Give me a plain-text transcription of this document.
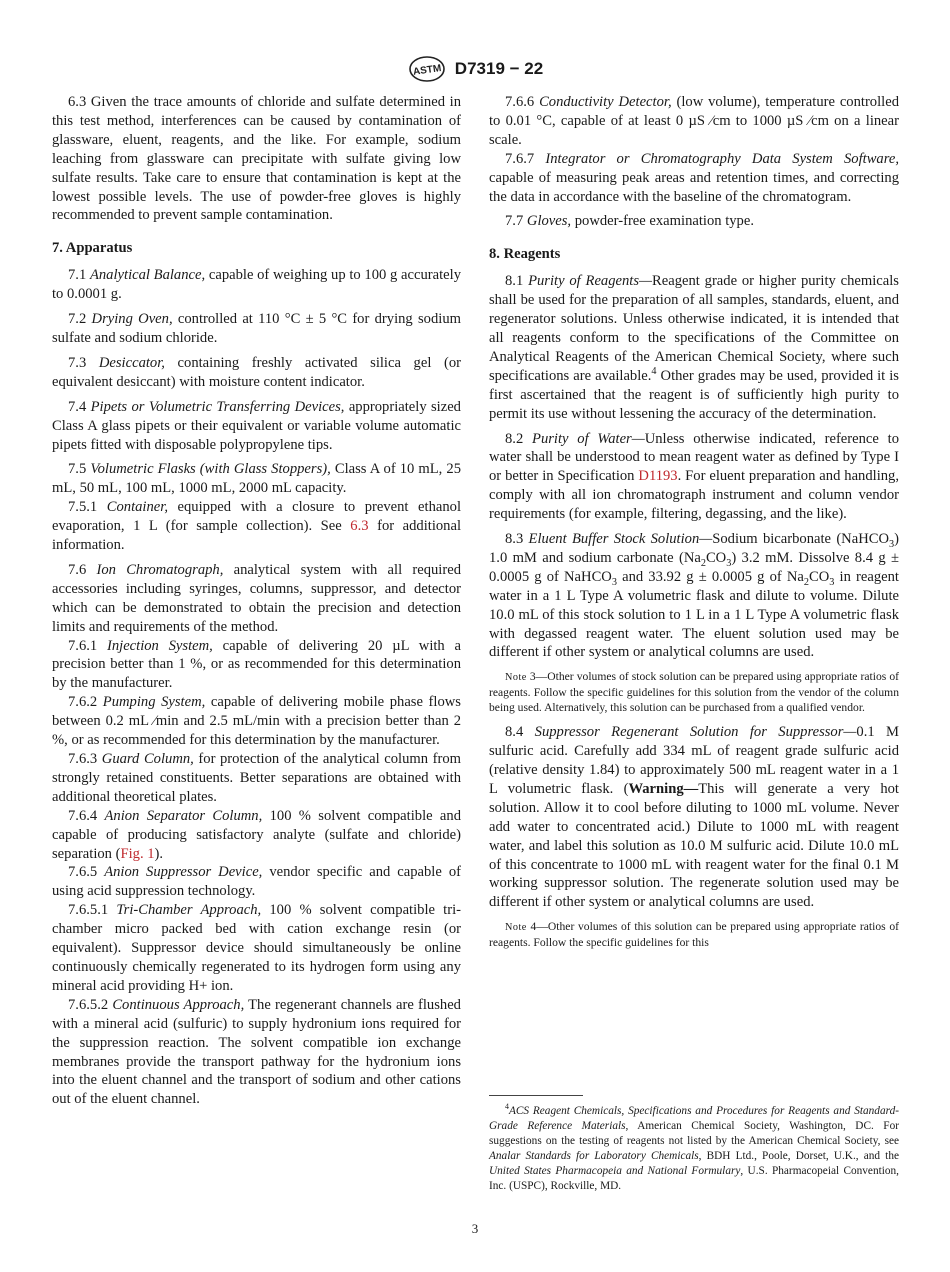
ASTM D7319 − 22

6.3 Given the trace amounts of chloride and sulfate determined in this test method, interferences can be caused by contamination of glassware, eluent, reagents, and the like. For example, sodium leaching from glassware can precipitate with sulfate giving low sulfate results. Take care to ensure that contamination is kept at the lowest possible levels. The use of powder-free gloves is highly recommended to prevent sample contamination.

7. Apparatus

7.1 Analytical Balance, capable of weighing up to 100 g accurately to 0.0001 g.

7.2 Drying Oven, controlled at 110 °C ± 5 °C for drying sodium sulfate and sodium chloride.

7.3 Desiccator, containing freshly activated silica gel (or equivalent desiccant) with moisture content indicator.

7.4 Pipets or Volumetric Transferring Devices, appropriately sized Class A glass pipets or their equivalent or variable volume automatic pipets fitted with disposable polypropylene tips.

7.5 Volumetric Flasks (with Glass Stoppers), Class A of 10 mL, 25 mL, 50 mL, 100 mL, 1000 mL, 2000 mL capacity.

7.5.1 Container, equipped with a closure to prevent ethanol evaporation, 1 L (for sample collection). See 6.3 for additional information.

7.6 Ion Chromatograph, analytical system with all required accessories including syringes, columns, suppressor, and detector which can be demonstrated to obtain the precision and detection limits and requirements of the method.

7.6.1 Injection System, capable of delivering 20 µL with a precision better than 1 %, or as recommended for this determination by the manufacturer.

7.6.2 Pumping System, capable of delivering mobile phase flows between 0.2 mL ⁄min and 2.5 mL/min with a precision better than 2 %, or as recommended for this determination by the manufacturer.

7.6.3 Guard Column, for protection of the analytical column from strongly retained constituents. Better separations are obtained with additional theoretical plates.

7.6.4 Anion Separator Column, 100 % solvent compatible and capable of producing satisfactory analyte (sulfate and chloride) separation (Fig. 1).

7.6.5 Anion Suppressor Device, vendor specific and capable of using acid suppression technology.

7.6.5.1 Tri-Chamber Approach, 100 % solvent compatible tri-chamber micro packed bed with cation exchange resin (or equivalent). Suppressor device should simultaneously be online continuously chemically regenerated to its hydrogen form using any mineral acid providing H+ ion.

7.6.5.2 Continuous Approach, The regenerant channels are flushed with a mineral acid (sulfuric) to supply hydronium ions required for the suppression reaction. The solvent compatible ion exchange membranes provide the transport pathway for the hydronium ions into the eluent channel and the transport of sodium and other cations out of the eluent channel.

7.6.6 Conductivity Detector, (low volume), temperature controlled to 0.01 °C, capable of at least 0 µS ⁄cm to 1000 µS ⁄cm on a linear scale.

7.6.7 Integrator or Chromatography Data System Software, capable of measuring peak areas and retention times, and correcting the data in accordance with the baseline of the chromatogram.

7.7 Gloves, powder-free examination type.

8. Reagents

8.1 Purity of Reagents—Reagent grade or higher purity chemicals shall be used for the preparation of all samples, standards, eluent, and regenerator solutions. Unless otherwise indicated, it is intended that all reagents conform to the specifications of the Committee on Analytical Reagents of the American Chemical Society, where such specifications are available.$^4$ Other grades may be used, provided it is first ascertained that the reagent is of sufficiently high purity to permit its use without lessening the accuracy of the determination.

8.2 Purity of Water—Unless otherwise indicated, reference to water shall be understood to mean reagent water as defined by Type I or better in Specification D1193. For eluent preparation and handling, comply with all ion chromatograph instrument and column vendor requirements (for example, filtering, degassing, and the like).

8.3 Eluent Buffer Stock Solution—Sodium bicarbonate (NaHCO$_3$) 1.0 mM and sodium carbonate $(Na_2CO_3)$ 3.2 mM. Dissolve 8.4 g ± 0.0005 g of NaHCO$_3$ and 33.92 g ± 0.0005 g of $Na_2CO_3$ in reagent water in a 1 L Type A volumetric flask and dilute to volume. Dilute 10.0 mL of this stock solution to 1 L in a 1 L Type A volumetric flask with degassed reagent water. The eluent solution used may be different if other system or analytical columns are used.

Note 3—Other volumes of stock solution can be prepared using appropriate ratios of reagents. Follow the specific guidelines for this solution from the vendor of the column being used. Alternatively, this solution can be purchased from a qualified vendor.

8.4 Suppressor Regenerant Solution for Suppressor—0.1 M sulfuric acid. Carefully add 334 mL of reagent grade sulfuric acid (relative density 1.84) to approximately 500 mL reagent water in a 1 L volumetric flask. (Warning—This will generate a very hot solution. Allow it to cool before diluting to 1000 mL volume. Never add water to concentrated acid.) Dilute to 1000 mL with reagent water, and label this solution as 10.0 M sulfuric acid. Dilute 10.0 mL of this concentrate to 1000 mL with reagent water for the final 0.1 M working suppressor solution. The regenerate solution used may be different if other system or analytical columns are used.

Note 4—Other volumes of this solution can be prepared using appropriate ratios of reagents. Follow the specific guidelines for this

$^4$ACS Reagent Chemicals, Specifications and Procedures for Reagents and Standard-Grade Reference Materials, American Chemical Society, Washington, DC. For suggestions on the testing of reagents not listed by the American Chemical Society, see Analar Standards for Laboratory Chemicals, BDH Ltd., Poole, Dorset, U.K., and the United States Pharmacopeia and National Formulary, U.S. Pharmacopeial Convention, Inc. (USPC), Rockville, MD.
3
